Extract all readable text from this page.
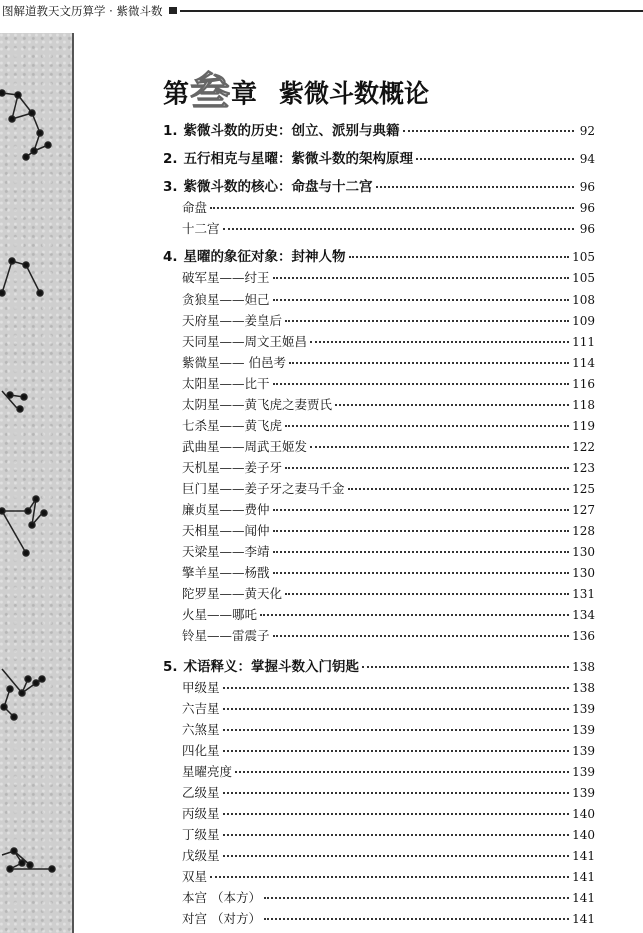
图解道教天文历算学 · 紫微斗数
第叁章 紫微斗数概论
1. 紫微斗数的历史：创立、派别与典籍	92
2. 五行相克与星曜：紫微斗数的架构原理	94
3. 紫微斗数的核心：命盘与十二宫	96
命盘	96
十二宫	96
4. 星曜的象征对象：封神人物	105
破军星——纣王	105
贪狼星——妲己	108
天府星——姜皇后	109
天同星——周文王姬昌	111
紫微星—— 伯邑考	114
太阳星——比干	116
太阴星——黄飞虎之妻贾氏	118
七杀星——黄飞虎	119
武曲星——周武王姬发	122
天机星——姜子牙	123
巨门星——姜子牙之妻马千金	125
廉贞星——费仲	127
天相星——闻仲	128
天梁星——李靖	130
擎羊星——杨戬	130
陀罗星——黄天化	131
火星——哪吒	134
铃星——雷震子	136
5. 术语释义：掌握斗数入门钥匙	138
甲级星	138
六吉星	139
六煞星	139
四化星	139
星曜亮度	139
乙级星	139
丙级星	140
丁级星	140
戊级星	141
双星	141
本宫 （本方）	141
对宫 （对方）	141
